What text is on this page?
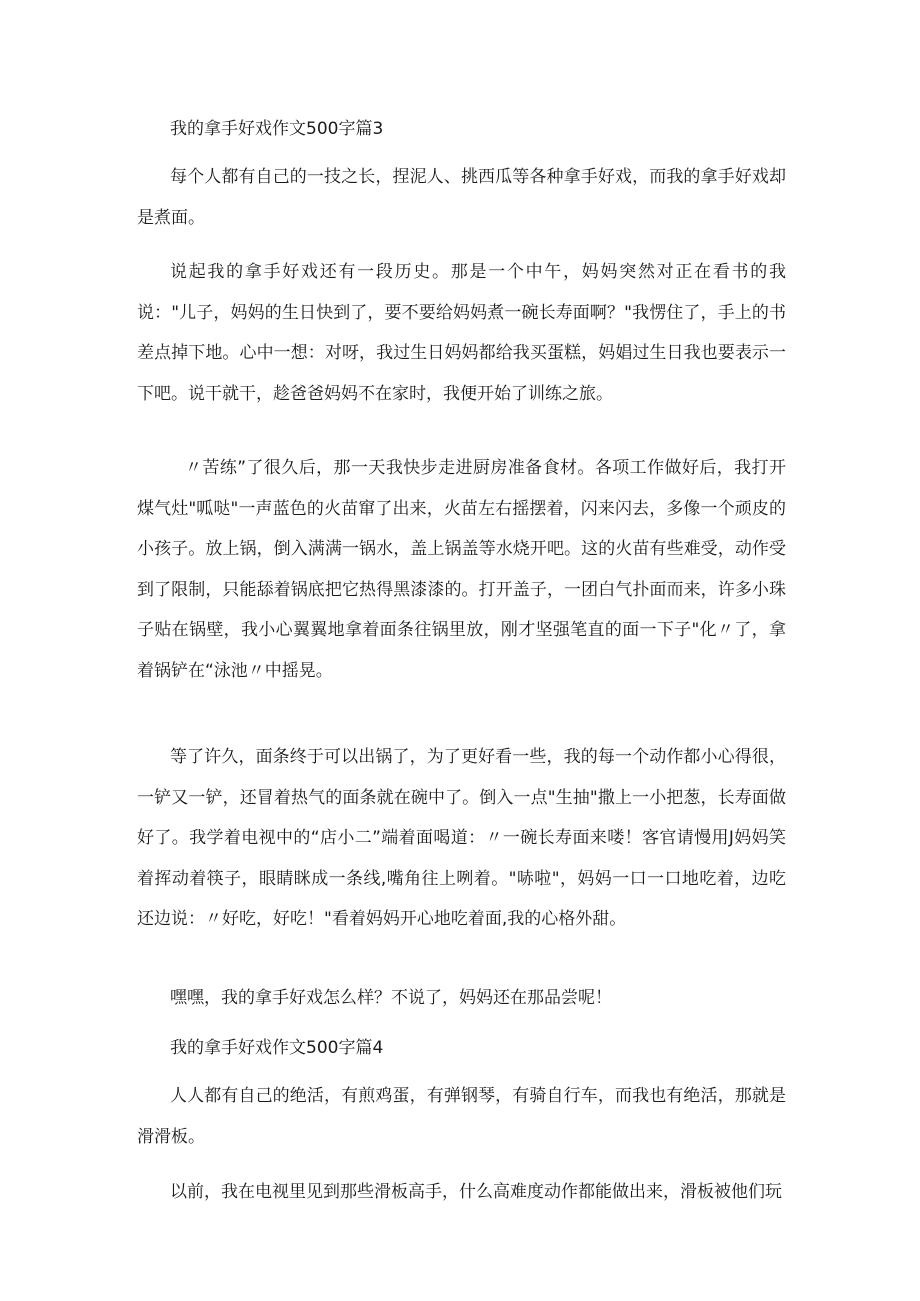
我的拿手好戏作文500字篇3

每个人都有自己的一技之长，捏泥人、挑西瓜等各种拿手好戏，而我的拿手好戏却是煮面。

说起我的拿手好戏还有一段历史。那是一个中午，妈妈突然对正在看书的我说："儿子，妈妈的生日快到了，要不要给妈妈煮一碗长寿面啊？"我愣住了，手上的书差点掉下地。心中一想：对呀，我过生日妈妈都给我买蛋糕，妈娼过生日我也要表示一下吧。说干就干，趁爸爸妈妈不在家时，我便开始了训练之旅。

〃苦练”了很久后，那一天我快步走进厨房准备食材。各项工作做好后，我打开煤气灶"呱哒"一声蓝色的火苗窜了出来，火苗左右摇摆着，闪来闪去，多像一个顽皮的小孩子。放上锅，倒入满满一锅水，盖上锅盖等水烧开吧。这的火苗有些难受，动作受到了限制，只能舔着锅底把它热得黑漆漆的。打开盖子，一团白气扑面而来，许多小珠子贴在锅壁，我小心翼翼地拿着面条往锅里放，刚才坚强笔直的面一下子"化〃了，拿着锅铲在“泳池〃中摇晃。

等了许久，面条终于可以出锅了，为了更好看一些，我的每一个动作都小心得很，一铲又一铲，还冒着热气的面条就在碗中了。倒入一点"生抽"撒上一小把葱，长寿面做好了。我学着电视中的“店小二”端着面喝道：〃一碗长寿面来喽！客官请慢用J妈妈笑着挥动着筷子，眼睛眯成一条线,嘴角往上咧着。"哧啦"，妈妈一口一口地吃着，边吃还边说：〃好吃，好吃！"看着妈妈开心地吃着面,我的心格外甜。

嘿嘿，我的拿手好戏怎么样？不说了，妈妈还在那品尝呢！

我的拿手好戏作文500字篇4

人人都有自己的绝活，有煎鸡蛋，有弹钢琴，有骑自行车，而我也有绝活，那就是滑滑板。

以前，我在电视里见到那些滑板高手，什么高难度动作都能做出来，滑板被他们玩
